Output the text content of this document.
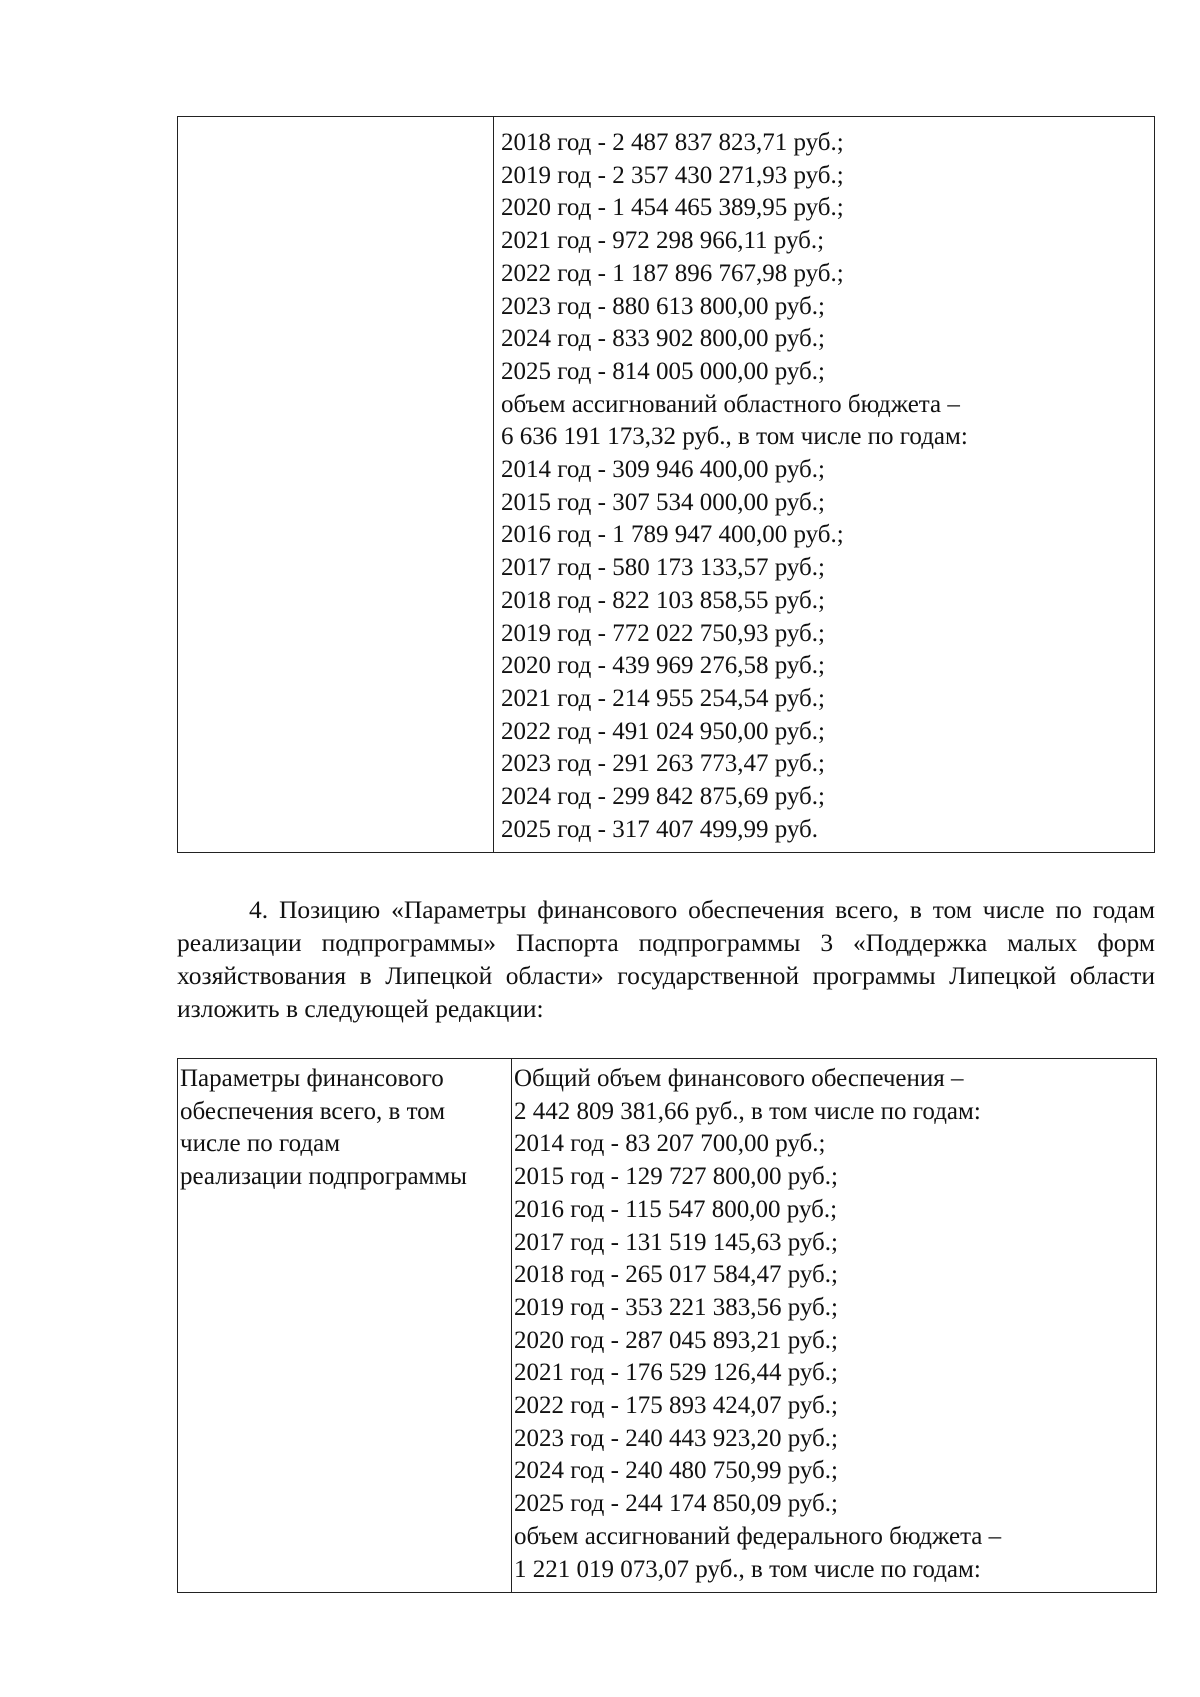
2018 год - 2 487 837 823,71 руб.;
2019 год - 2 357 430 271,93 руб.;
2020 год - 1 454 465 389,95 руб.;
2021 год - 972 298 966,11 руб.;
2022 год - 1 187 896 767,98 руб.;
2023 год - 880 613 800,00 руб.;
2024 год - 833 902 800,00 руб.;
2025 год - 814 005 000,00 руб.;
объем ассигнований областного бюджета –
6 636 191 173,32 руб., в том числе по годам:
2014 год - 309 946 400,00 руб.;
2015 год - 307 534 000,00 руб.;
2016 год - 1 789 947 400,00 руб.;
2017 год - 580 173 133,57 руб.;
2018 год - 822 103 858,55 руб.;
2019 год - 772 022 750,93 руб.;
2020 год - 439 969 276,58 руб.;
2021 год - 214 955 254,54 руб.;
2022 год - 491 024 950,00 руб.;
2023 год - 291 263 773,47 руб.;
2024 год - 299 842 875,69 руб.;
2025 год - 317 407 499,99 руб.

4. Позицию «Параметры финансового обеспечения всего, в том числе по годам реализации подпрограммы» Паспорта подпрограммы 3 «Поддержка малых форм хозяйствования в Липецкой области» государственной программы Липецкой области изложить в следующей редакции:

Параметры финансового
обеспечения всего, в том
числе по годам
реализации подпрограммы

Общий объем финансового обеспечения –
2 442 809 381,66 руб., в том числе по годам:
2014 год - 83 207 700,00 руб.;
2015 год - 129 727 800,00 руб.;
2016 год - 115 547 800,00 руб.;
2017 год - 131 519 145,63 руб.;
2018 год - 265 017 584,47 руб.;
2019 год - 353 221 383,56 руб.;
2020 год - 287 045 893,21 руб.;
2021 год - 176 529 126,44 руб.;
2022 год - 175 893 424,07 руб.;
2023 год - 240 443 923,20 руб.;
2024 год - 240 480 750,99 руб.;
2025 год - 244 174 850,09 руб.;
объем ассигнований федерального бюджета –
1 221 019 073,07 руб., в том числе по годам:
